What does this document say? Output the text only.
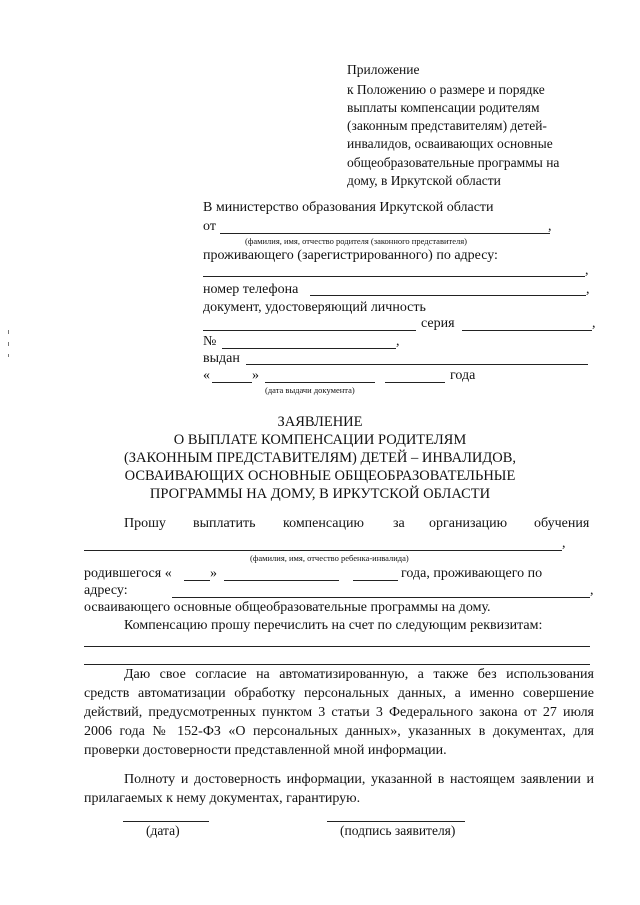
Приложение
к Положению о размере и порядке
выплаты компенсации родителям
(законным представителям) детей-
инвалидов, осваивающих основные
общеобразовательные программы на
дому, в Иркутской области
В министерство образования Иркутской области
от	,
(фамилия, имя, отчество родителя (законного представителя)
проживающего (зарегистрированного) по адресу:
,
номер телефона	,
документ, удостоверяющий личность
серия	,
№	,
выдан
«	»	года
(дата выдачи документа)
ЗАЯВЛЕНИЕ
О ВЫПЛАТЕ КОМПЕНСАЦИИ РОДИТЕЛЯМ
(ЗАКОННЫМ ПРЕДСТАВИТЕЛЯМ) ДЕТЕЙ – ИНВАЛИДОВ,
ОСВАИВАЮЩИХ ОСНОВНЫЕ ОБЩЕОБРАЗОВАТЕЛЬНЫЕ
ПРОГРАММЫ НА ДОМУ, В ИРКУТСКОЙ ОБЛАСТИ
Прошу выплатить компенсацию за организацию обучения
,
(фамилия, имя, отчество ребенка-инвалида)
родившегося «	»	года, проживающего по
адресу:	,
осваивающего основные общеобразовательные программы на дому.
Компенсацию прошу перечислить на счет по следующим реквизитам:
Даю свое согласие на автоматизированную, а также без использования средств автоматизации обработку персональных данных, а именно совершение действий, предусмотренных пунктом 3 статьи 3 Федерального закона от 27 июля 2006 года № 152-ФЗ «О персональных данных», указанных в документах, для проверки достоверности представленной мной информации.
Полноту и достоверность информации, указанной в настоящем заявлении и прилагаемых к нему документах, гарантирую.
(дата)	(подпись заявителя)
